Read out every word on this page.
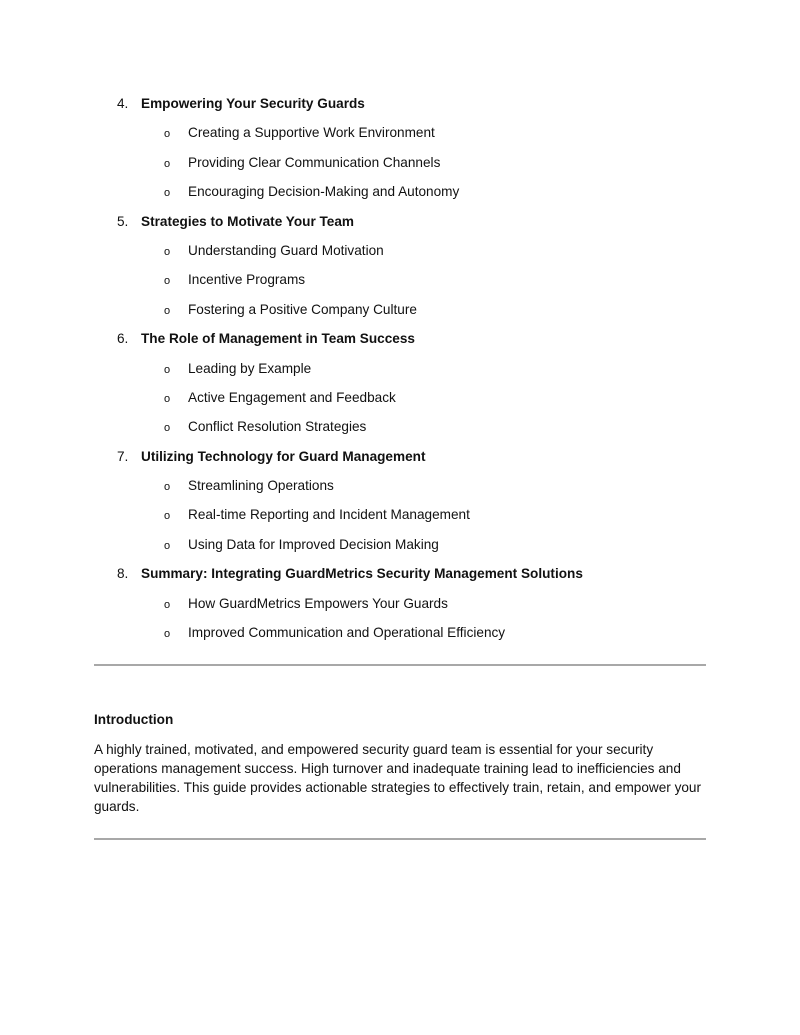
4. Empowering Your Security Guards
o Creating a Supportive Work Environment
o Providing Clear Communication Channels
o Encouraging Decision-Making and Autonomy
5. Strategies to Motivate Your Team
o Understanding Guard Motivation
o Incentive Programs
o Fostering a Positive Company Culture
6. The Role of Management in Team Success
o Leading by Example
o Active Engagement and Feedback
o Conflict Resolution Strategies
7. Utilizing Technology for Guard Management
o Streamlining Operations
o Real-time Reporting and Incident Management
o Using Data for Improved Decision Making
8. Summary: Integrating GuardMetrics Security Management Solutions
o How GuardMetrics Empowers Your Guards
o Improved Communication and Operational Efficiency
Introduction

A highly trained, motivated, and empowered security guard team is essential for your security operations management success. High turnover and inadequate training lead to inefficiencies and vulnerabilities. This guide provides actionable strategies to effectively train, retain, and empower your guards.
